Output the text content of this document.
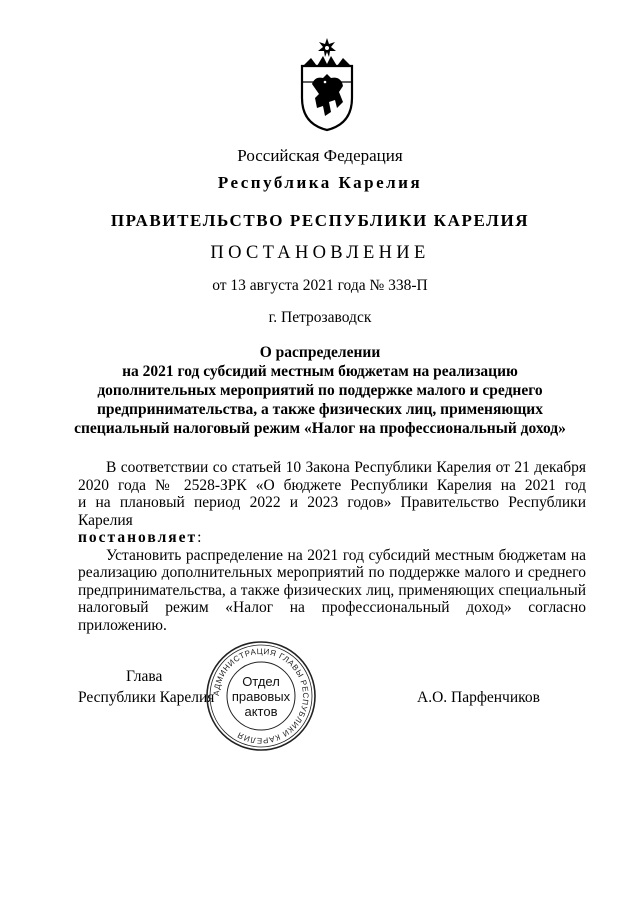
Российская Федерация
Республика Карелия
ПРАВИТЕЛЬСТВО РЕСПУБЛИКИ КАРЕЛИЯ
ПОСТАНОВЛЕНИЕ
от 13 августа 2021 года № 338-П
г. Петрозаводск
О распределении
на 2021 год субсидий местным бюджетам на реализацию
дополнительных мероприятий по поддержке малого и среднего
предпринимательства, а также физических лиц, применяющих
специальный налоговый режим «Налог на профессиональный доход»

В соответствии со статьей 10 Закона Республики Карелия от 21 декабря

2020 года № 2528-ЗРК «О бюджете Республики Карелия на 2021 год

и на плановый период 2022 и 2023 годов» Правительство Республики Карелия

постановляет:

Установить распределение на 2021 год субсидий местным бюджетам на

реализацию дополнительных мероприятий по поддержке малого и среднего

предпринимательства, а также физических лиц, применяющих специальный

налоговый режим «Налог на профессиональный доход» согласно

приложению.

Глава
Республики Карелия	А.О. Парфенчиков
АДМИНИСТРАЦИЯ ГЛАВЫ РЕСПУБЛИКИ КАРЕЛИЯ
Отдел
правовых
актов
